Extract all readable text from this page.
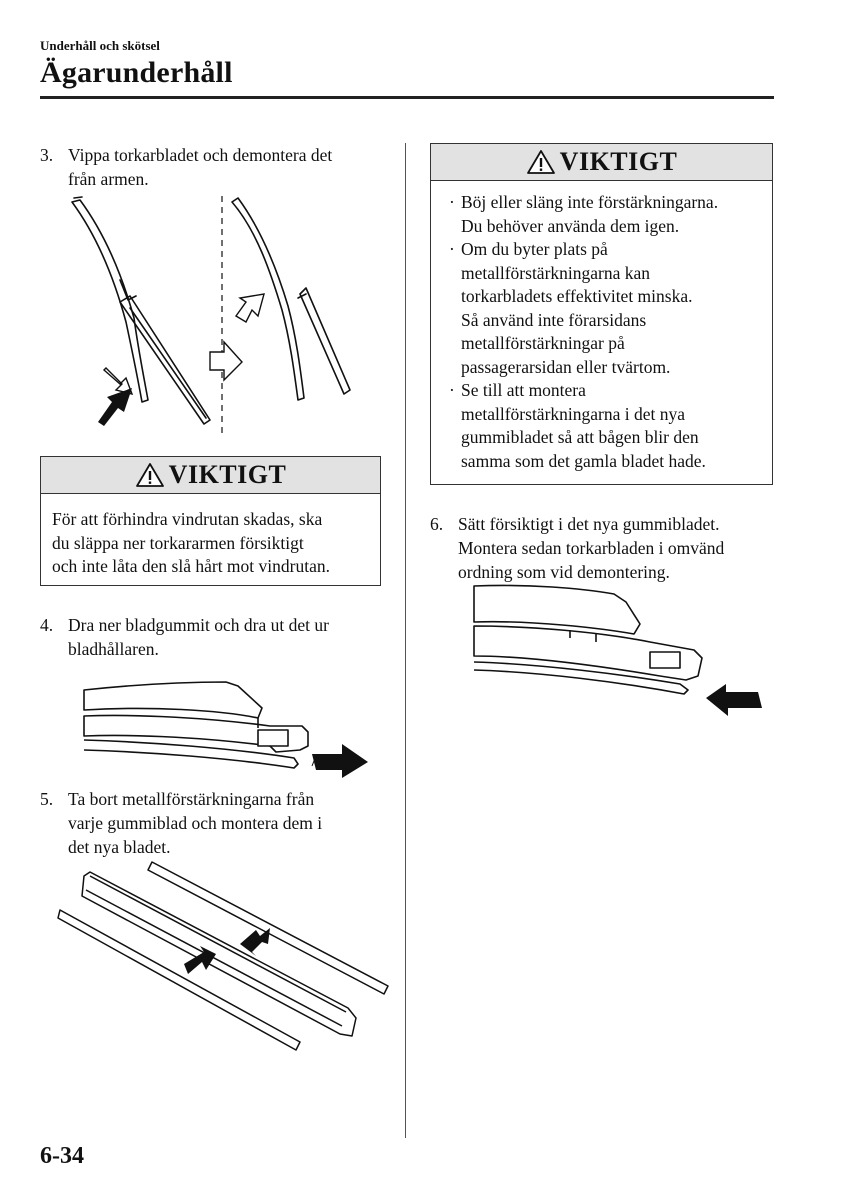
Underhåll och skötsel
Ägarunderhåll
3. Vippa torkarbladet och demontera det
från armen.
VIKTIGT
För att förhindra vindrutan skadas, ska
du släppa ner torkararmen försiktigt
och inte låta den slå hårt mot vindrutan.
4. Dra ner bladgummit och dra ut det ur
bladhållaren.
5. Ta bort metallförstärkningarna från
varje gummiblad och montera dem i
det nya bladet.
VIKTIGT
· Böj eller släng inte förstärkningarna.
Du behöver använda dem igen.
· Om du byter plats på
metallförstärkningarna kan
torkarbladets effektivitet minska.
Så använd inte förarsidans
metallförstärkningar på
passagerarsidan eller tvärtom.
· Se till att montera
metallförstärkningarna i det nya
gummibladet så att bågen blir den
samma som det gamla bladet hade.
6. Sätt försiktigt i det nya gummibladet.
Montera sedan torkarbladen i omvänd
ordning som vid demontering.
6-34
